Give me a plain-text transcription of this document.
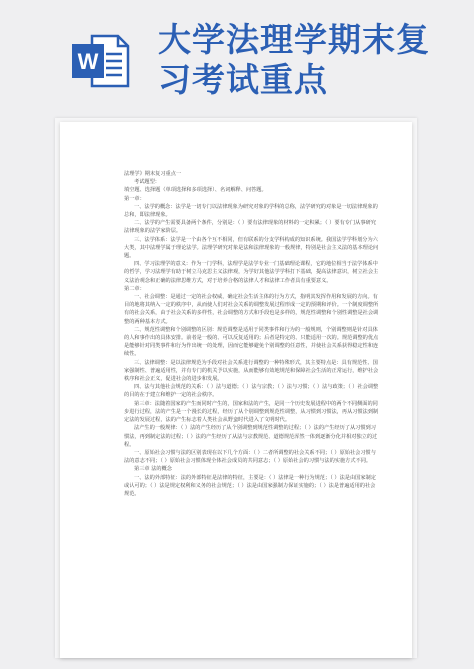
W
大学法理学期末复习考试重点

法理学》期末复习重点一

考试题型：

填空题、选择题（单项选择和多项选择）、名词解释、问答题。

第一章：

一、法学的概念：法学是一切专门以法律现象为研究对象的学科的总称，法学研究的对象是一切法律现象的总和，即法律现象。

二、法学的产生需要具备两个条件，分别是：（ ）要有法律现象的材料的一定积累；（ ）要有专门从事研究法律现象的法学家阶层。

三、法学体系：法学是一个由各个互不相同，但有联系的分支学科构成的知识系统。我国法学学科划分为六大类，其中法理学属于理论法学。法理学研究对象是法和法律现象的一般规律，特别是社会主义法的基本理论问题。

四、学习法理学的意义：作为一门学科，法理学是法学专业一门基础理论课程，它的地位相当于法学体系中的哲学，学习法理学有助于树立马克思主义法律观，为学好其他法学学科打下基础，提高法律意识，树立社会主义法治观念和正确的法律思维方式，对于培养合格的法律人才和法律工作者具有重要意义。

第二章：

一、社会调整：是通过一定的社会权威，确定社会生活主体的行为方式，指明其发挥作用和发展的方向。有目的地将其纳入一定的秩序中，从而使人们对社会关系的调整发展过程形成一定的预期和评价。一个制度调整所有的社会关系，由于社会关系的多样性，社会调整的方式和手段也是多样的，规范性调整和个别性调整是社会调整的两种基本方式。

二、规范性调整和个别调整的区别：规范调整是适用于同类事件和行为的一般规则，个别调整则是针对具体的人和事作出的具体安排。前者是一般的、可以反复适用的；后者是特定的、只能适用一次的。规范调整的优点是能够针对同类事件和行为作出统一的处理，因而它能够避免个别调整的任意性，并使社会关系获得稳定性和连续性。

三、法律调整：是以法律规范为手段对社会关系进行调整的一种特殊形式，其主要特点是：具有规范性、国家强制性、普遍适用性，并有专门的机关予以实施，从而能够有效地规范和保障社会生活的正常运行，维护社会秩序和社会正义，促进社会的进步和发展。

四、法与其他社会规范的关系：（ ）法与道德；（ ）法与宗教；（ ）法与习惯；（ ）法与政策；（ ）社会调整的目的在于建立和维护一定的社会秩序。

第三章：法随着国家的产生而同时产生的，国家和法的产生，是同一个历史发展进程中的两个不同侧面的同步进行过程，法的产生是一个漫长的过程，经历了从个别调整到规范性调整，从习惯到习惯法，再从习惯法到制定法的发展过程，法的产生标志着人类社会从野蛮时代进入了文明时代。

法产生的一般规律：（ ）法的产生经历了从个别调整到规范性调整的过程；（ ）法的产生经历了从习惯到习惯法，再到制定法的过程；（ ）法的产生经历了从法与宗教规范、道德规范浑然一体到逐渐分化并相对独立的过程。

一、原始社会习惯与法的区别表现在以下几个方面：（ ）二者所调整的社会关系不同；（ ）原始社会习惯与法的意志不同；（ ）原始社会习惯体现全体社会成员的共同意志；（ ）原始社会的习惯与法的实施方式不同。

第三章 法的概念

一、法的外部特征：法的外部特征是法律的特征，主要是：（ ）法律是一种行为规范；（ ）法是由国家制定或认可的；（ ）法是规定权利和义务的社会规范；（ ）法是由国家强制力保证实施的；（ ）法是普遍适用的社会规范。
